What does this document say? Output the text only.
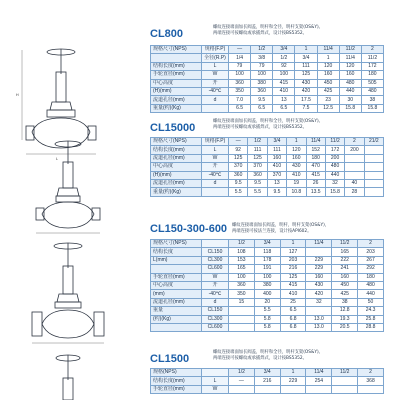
L
H
CL800
螺纹连接端面加长阀盖，明杆和全径，明杆支架(OS&Y)。
两端连接可按螺纹或承插焊式，设计按BS5352。
规格尺寸(NPS)	规格(F.P)	—	1/2	3/4	1	11/4	11/2	2
	全径(R.P)	1/4	3/8	1/2	3/4	1	11/4	11/2
结构长度(mm)	L	79	79	92	111	120	120	172
手轮直径(mm)	W	100	100	100	125	160	160	180
中心高度	开	360	380	415	430	450	480	505
(H)(mm)	-40℃	350	360	410	420	425	440	480
流道孔径(mm)	d	7.0	9.5	13	17.5	23	30	38
重量(约)(Kg)		6.5	6.5	6.5	7.5	12.5	15.8	15.8
CL15000
螺纹连接端面加长阀盖，明杆和全径，明杆支架(OS&Y)。
两端连接可按螺纹或承插焊式，设计按BS5352。
规格尺寸(NPS)	规格(F.P)	—	1/2	3/4	1	11/4	11/2	2	21/2
结构长度(mm)	L	92	111	111	120	152	172	200	
流道孔径(mm)	W	125	125	160	160	180	200		
中心高度	开	370	370	410	430	470	480		
(H)(mm)	-40℃	360	360	370	410	415	440		
流道孔径(mm)	d	9.5	9.5	13	19	26	32	40	
重量(约)(Kg)		5.5	5.5	9.5	10.8	13.5	15.8	28	
CL150-300-600 螺纹连接端面加长阀盖，明杆，明杆支架(OS&Y)，
两端连接可按法兰连接，设计按API602。
规格尺寸(NPS)		1/2	3/4	1	11/4	11/2	2
结构长度	CL150	108	118	127		165	203
L(mm)	CL300	153	178	203	229	222	267
	CL600	165	191	216	229	241	292
手轮直径(mm)	W	100	100	125	160	160	180
中心高度	开	360	380	415	430	450	480
(mm)	-40℃	350	400	410	420	425	440
流道孔径(mm)	d	15	20	25	32	38	50
重量	CL150		5.5	6.5		12.8	24.3
(约)(Kg)	CL300		5.8	6.8	13.0	19.3	25.8
	CL600		5.8	6.8	13.0	20.5	28.8
CL1500
螺纹连接端面加长阀盖，明杆和全径，明杆支架(OS&Y)。
两端连接可按螺纹或承插焊式，设计按BS5352。
规格(NPS)		1/2	3/4	1	11/4	11/2	2
结构长度(mm)	L	—	216	229	254		368
手轮直径(mm)	W						
